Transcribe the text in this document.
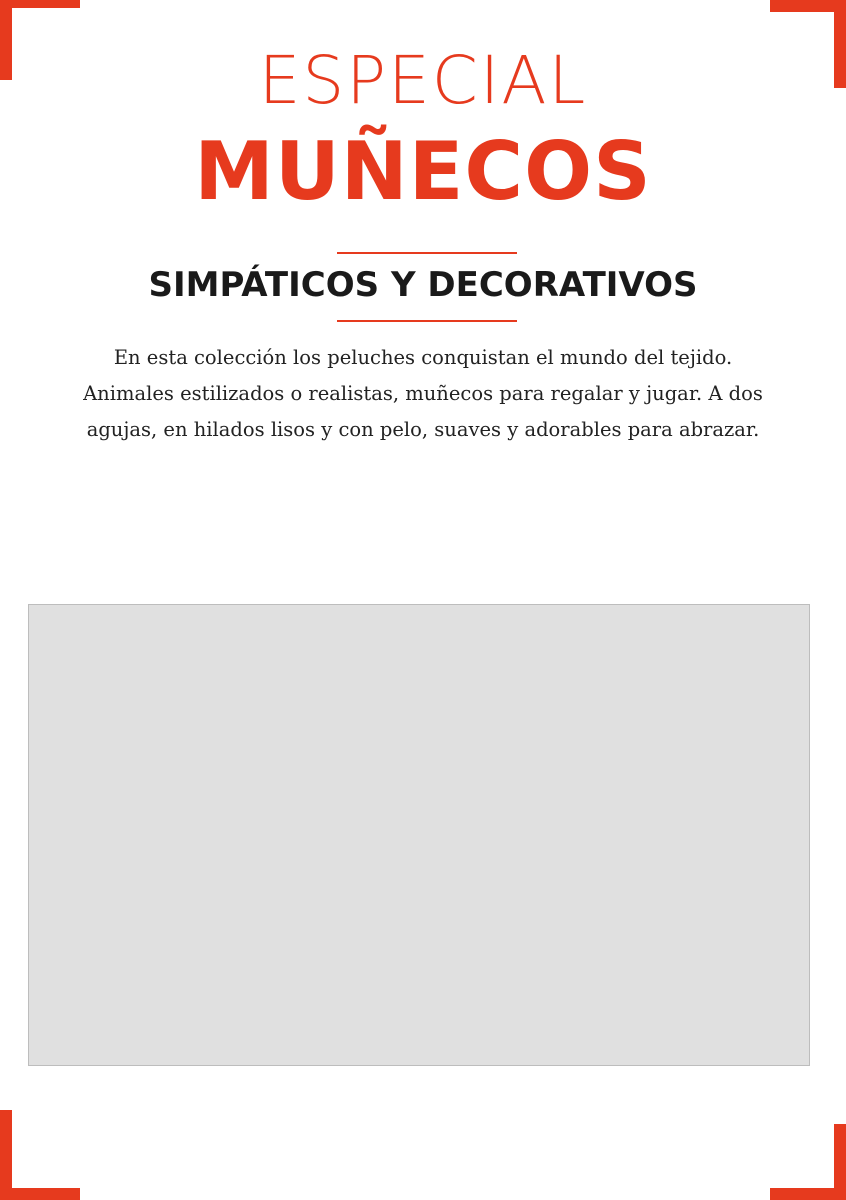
ESPECIAL
MUÑECOS
SIMPÁTICOS Y DECORATIVOS

En esta colección los peluches conquistan el mundo del tejido.
Animales estilizados o realistas, muñecos para regalar y jugar. A dos
agujas, en hilados lisos y con pelo, suaves y adorables para abrazar.
